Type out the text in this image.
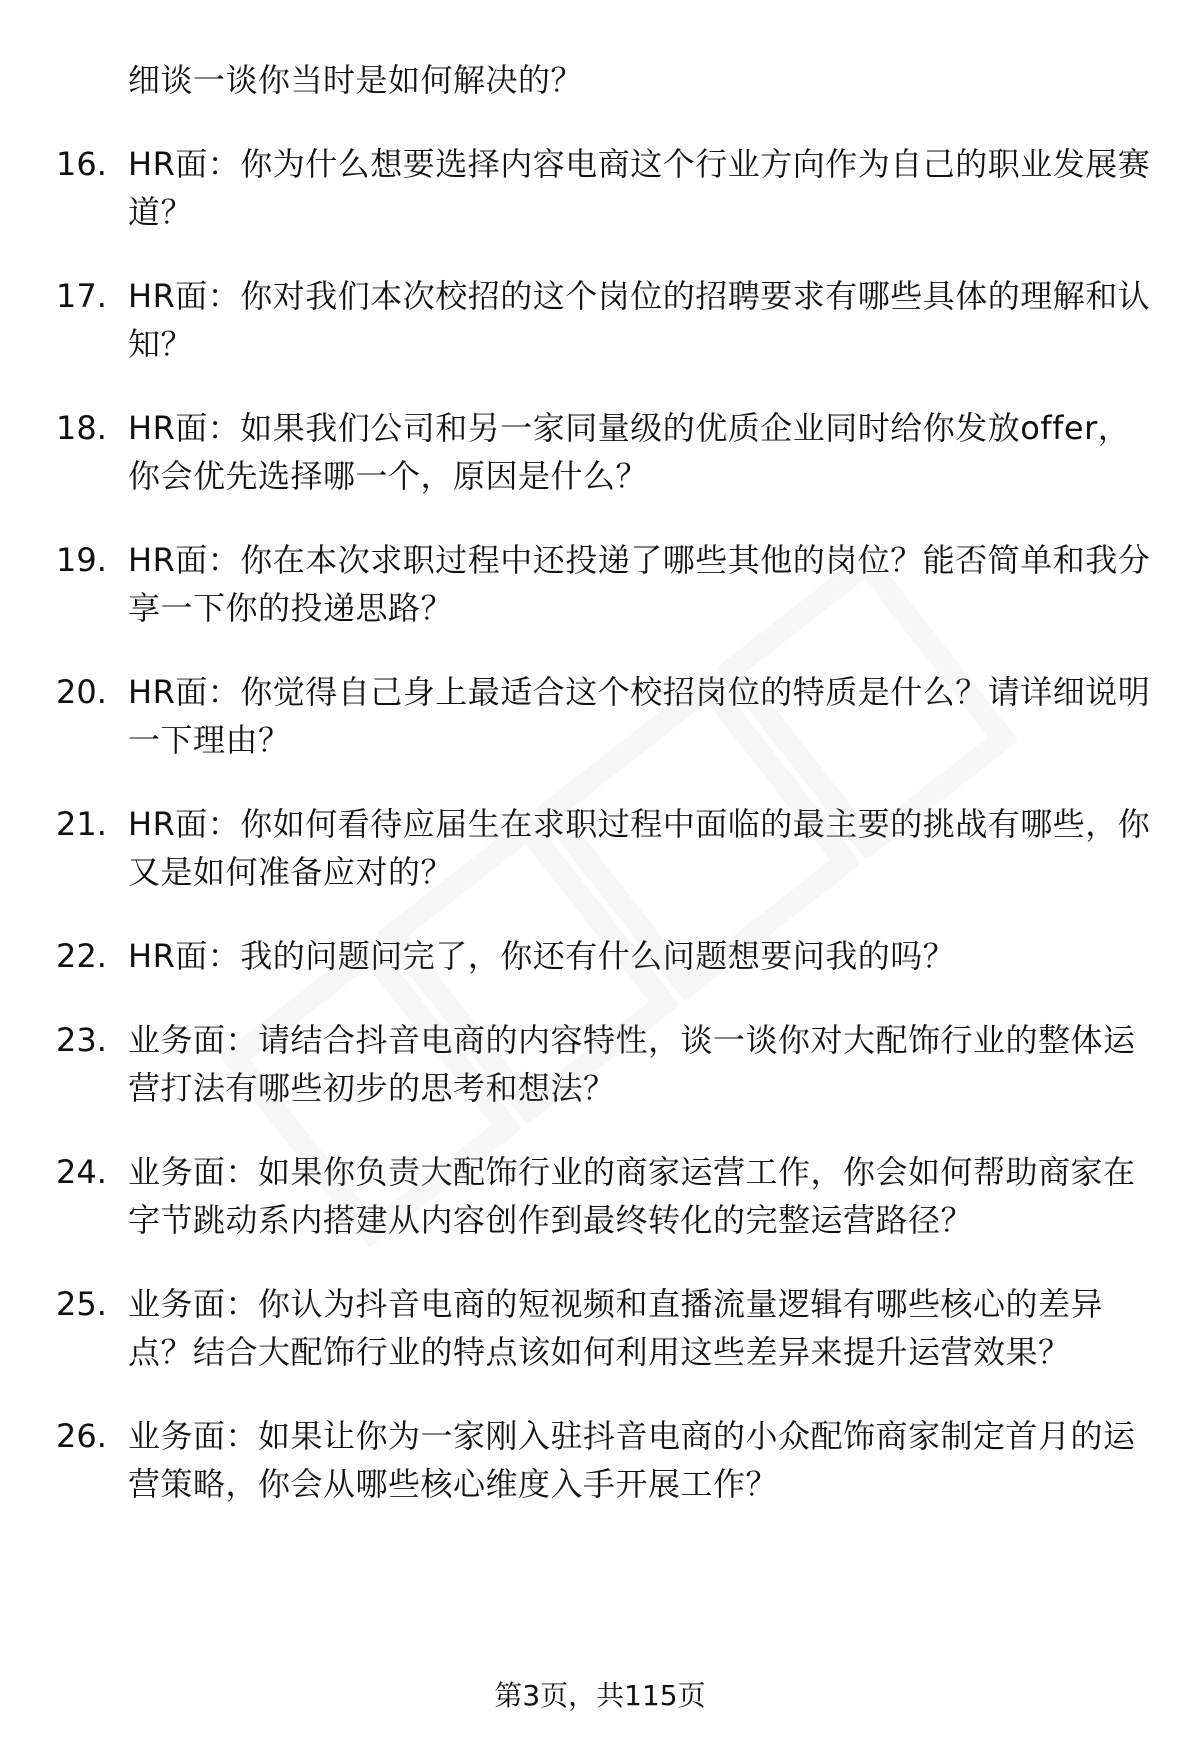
细谈一谈你当时是如何解决的？
16. HR面：你为什么想要选择内容电商这个行业方向作为自己的职业发展赛道？
17. HR面：你对我们本次校招的这个岗位的招聘要求有哪些具体的理解和认知？
18. HR面：如果我们公司和另一家同量级的优质企业同时给你发放offer，你会优先选择哪一个，原因是什么？
19. HR面：你在本次求职过程中还投递了哪些其他的岗位？能否简单和我分享一下你的投递思路？
20. HR面：你觉得自己身上最适合这个校招岗位的特质是什么？请详细说明一下理由？
21. HR面：你如何看待应届生在求职过程中面临的最主要的挑战有哪些，你又是如何准备应对的？
22. HR面：我的问题问完了，你还有什么问题想要问我的吗？
23. 业务面：请结合抖音电商的内容特性，谈一谈你对大配饰行业的整体运营打法有哪些初步的思考和想法？
24. 业务面：如果你负责大配饰行业的商家运营工作，你会如何帮助商家在字节跳动系内搭建从内容创作到最终转化的完整运营路径？
25. 业务面：你认为抖音电商的短视频和直播流量逻辑有哪些核心的差异点？结合大配饰行业的特点该如何利用这些差异来提升运营效果？
26. 业务面：如果让你为一家刚入驻抖音电商的小众配饰商家制定首月的运营策略，你会从哪些核心维度入手开展工作？
第3页，共115页
